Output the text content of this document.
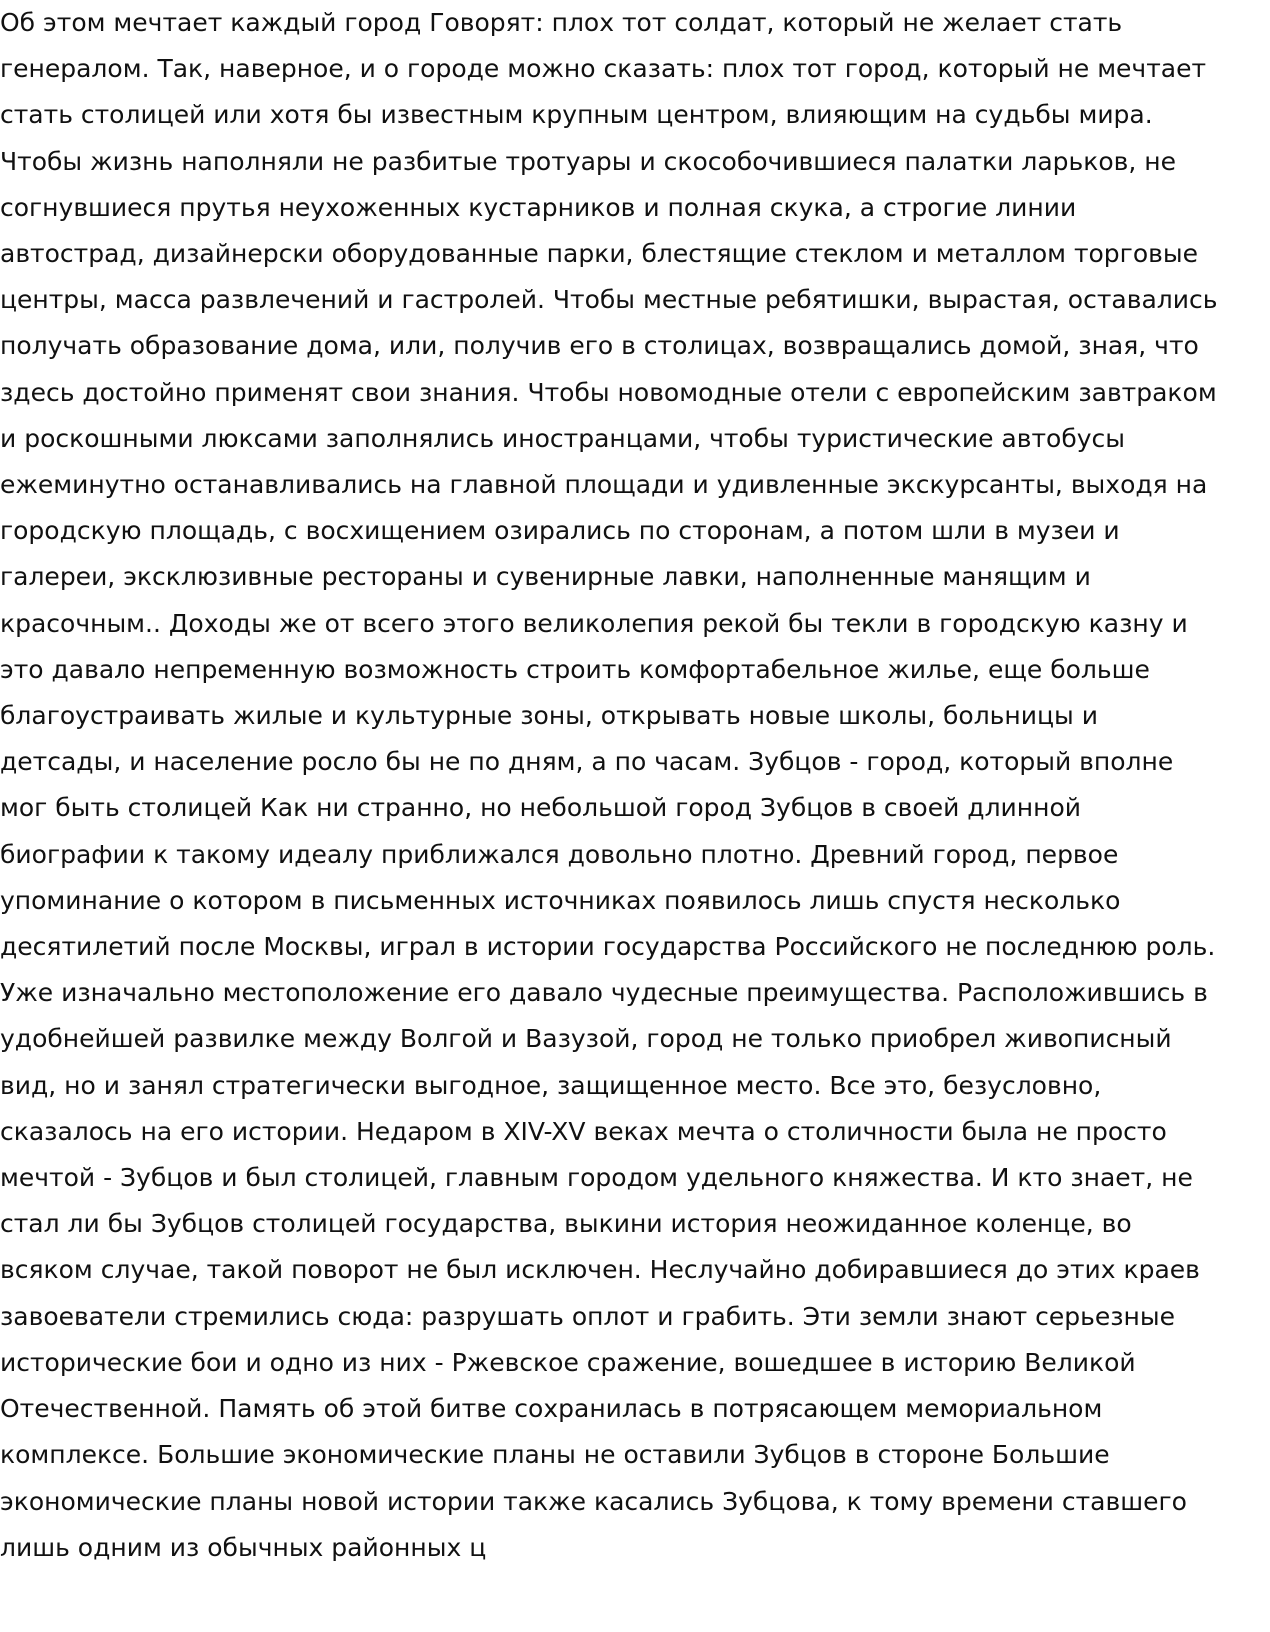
Об этом мечтает каждый город Говорят: плох тот солдат, который не желает стать
генералом. Так, наверное, и о городе можно сказать: плох тот город, который не мечтает
стать столицей или хотя бы известным крупным центром, влияющим на судьбы мира.
Чтобы жизнь наполняли не разбитые тротуары и скособочившиеся палатки ларьков, не
согнувшиеся прутья неухоженных кустарников и полная скука, а строгие линии
автострад, дизайнерски оборудованные парки, блестящие стеклом и металлом торговые
центры, масса развлечений и гастролей. Чтобы местные ребятишки, вырастая, оставались
получать образование дома, или, получив его в столицах, возвращались домой, зная, что
здесь достойно применят свои знания. Чтобы новомодные отели с европейским завтраком
и роскошными люксами заполнялись иностранцами, чтобы туристические автобусы
ежеминутно останавливались на главной площади и удивленные экскурсанты, выходя на
городскую площадь, с восхищением озирались по сторонам, а потом шли в музеи и
галереи, эксклюзивные рестораны и сувенирные лавки, наполненные манящим и
красочным.. Доходы же от всего этого великолепия рекой бы текли в городскую казну и
это давало непременную возможность строить комфортабельное жилье, еще больше
благоустраивать жилые и культурные зоны, открывать новые школы, больницы и
детсады, и население росло бы не по дням, а по часам. Зубцов - город, который вполне
мог быть столицей Как ни странно, но небольшой город Зубцов в своей длинной
биографии к такому идеалу приближался довольно плотно. Древний город, первое
упоминание о котором в письменных источниках появилось лишь спустя несколько
десятилетий после Москвы, играл в истории государства Российского не последнюю роль.
Уже изначально местоположение его давало чудесные преимущества. Расположившись в
удобнейшей развилке между Волгой и Вазузой, город не только приобрел живописный
вид, но и занял стратегически выгодное, защищенное место. Все это, безусловно,
сказалось на его истории. Недаром в XIV-XV веках мечта о столичности была не просто
мечтой - Зубцов и был столицей, главным городом удельного княжества. И кто знает, не
стал ли бы Зубцов столицей государства, выкини история неожиданное коленце, во
всяком случае, такой поворот не был исключен. Неслучайно добиравшиеся до этих краев
завоеватели стремились сюда: разрушать оплот и грабить. Эти земли знают серьезные
исторические бои и одно из них - Ржевское сражение, вошедшее в историю Великой
Отечественной. Память об этой битве сохранилась в потрясающем мемориальном
комплексе. Большие экономические планы не оставили Зубцов в стороне Большие
экономические планы новой истории также касались Зубцова, к тому времени ставшего
лишь одним из обычных районных ц
